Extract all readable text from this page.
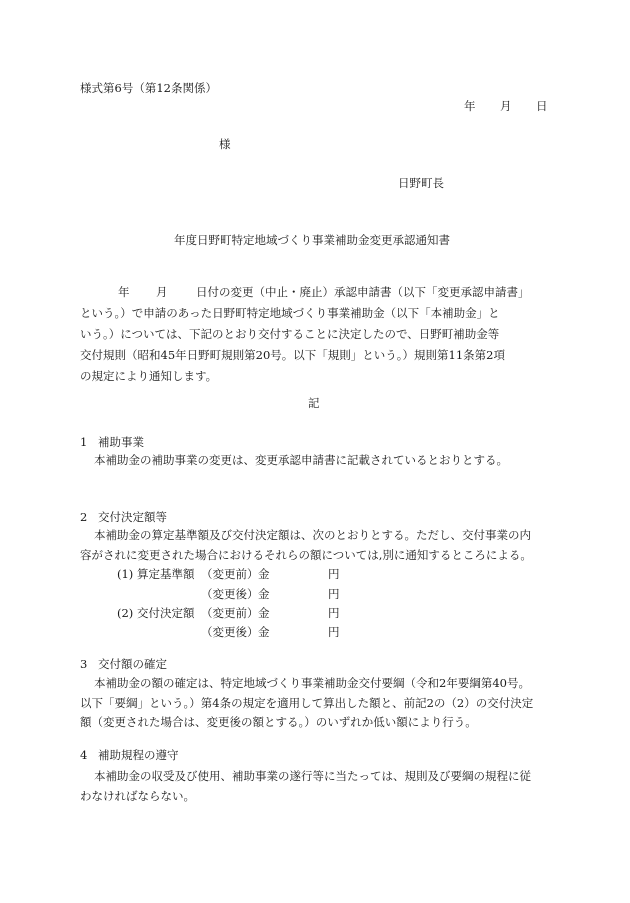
様式第6号（第12条関係）
年 月 日
様
日野町長
年度日野町特定地域づくり事業補助金変更承認通知書
年 月 日付の変更（中止・廃止）承認申請書（以下「変更承認申請書」
という。）で申請のあった日野町特定地域づくり事業補助金（以下「本補助金」と
いう。）については、下記のとおり交付することに決定したので、日野町補助金等
交付規則（昭和45年日野町規則第20号。以下「規則」という。）規則第11条第2項
の規定により通知します。
記
1 補助事業
本補助金の補助事業の変更は、変更承認申請書に記載されているとおりとする。
2 交付決定額等
本補助金の算定基準額及び交付決定額は、次のとおりとする。ただし、交付事業の内
容がされに変更された場合におけるそれらの額については,別に通知するところによる。
(1) 算定基準額 （変更前） 金	円
（変更後） 金	円
(2) 交付決定額 （変更前） 金	円
（変更後） 金	円
3 交付額の確定
本補助金の額の確定は、特定地域づくり事業補助金交付要綱（令和2年要綱第40号。
以下「要綱」という。）第4条の規定を適用して算出した額と、前記2の（2）の交付決定
額（変更された場合は、変更後の額とする。）のいずれか低い額により行う。
4 補助規程の遵守
本補助金の収受及び使用、補助事業の遂行等に当たっては、規則及び要綱の規程に従
わなければならない。
